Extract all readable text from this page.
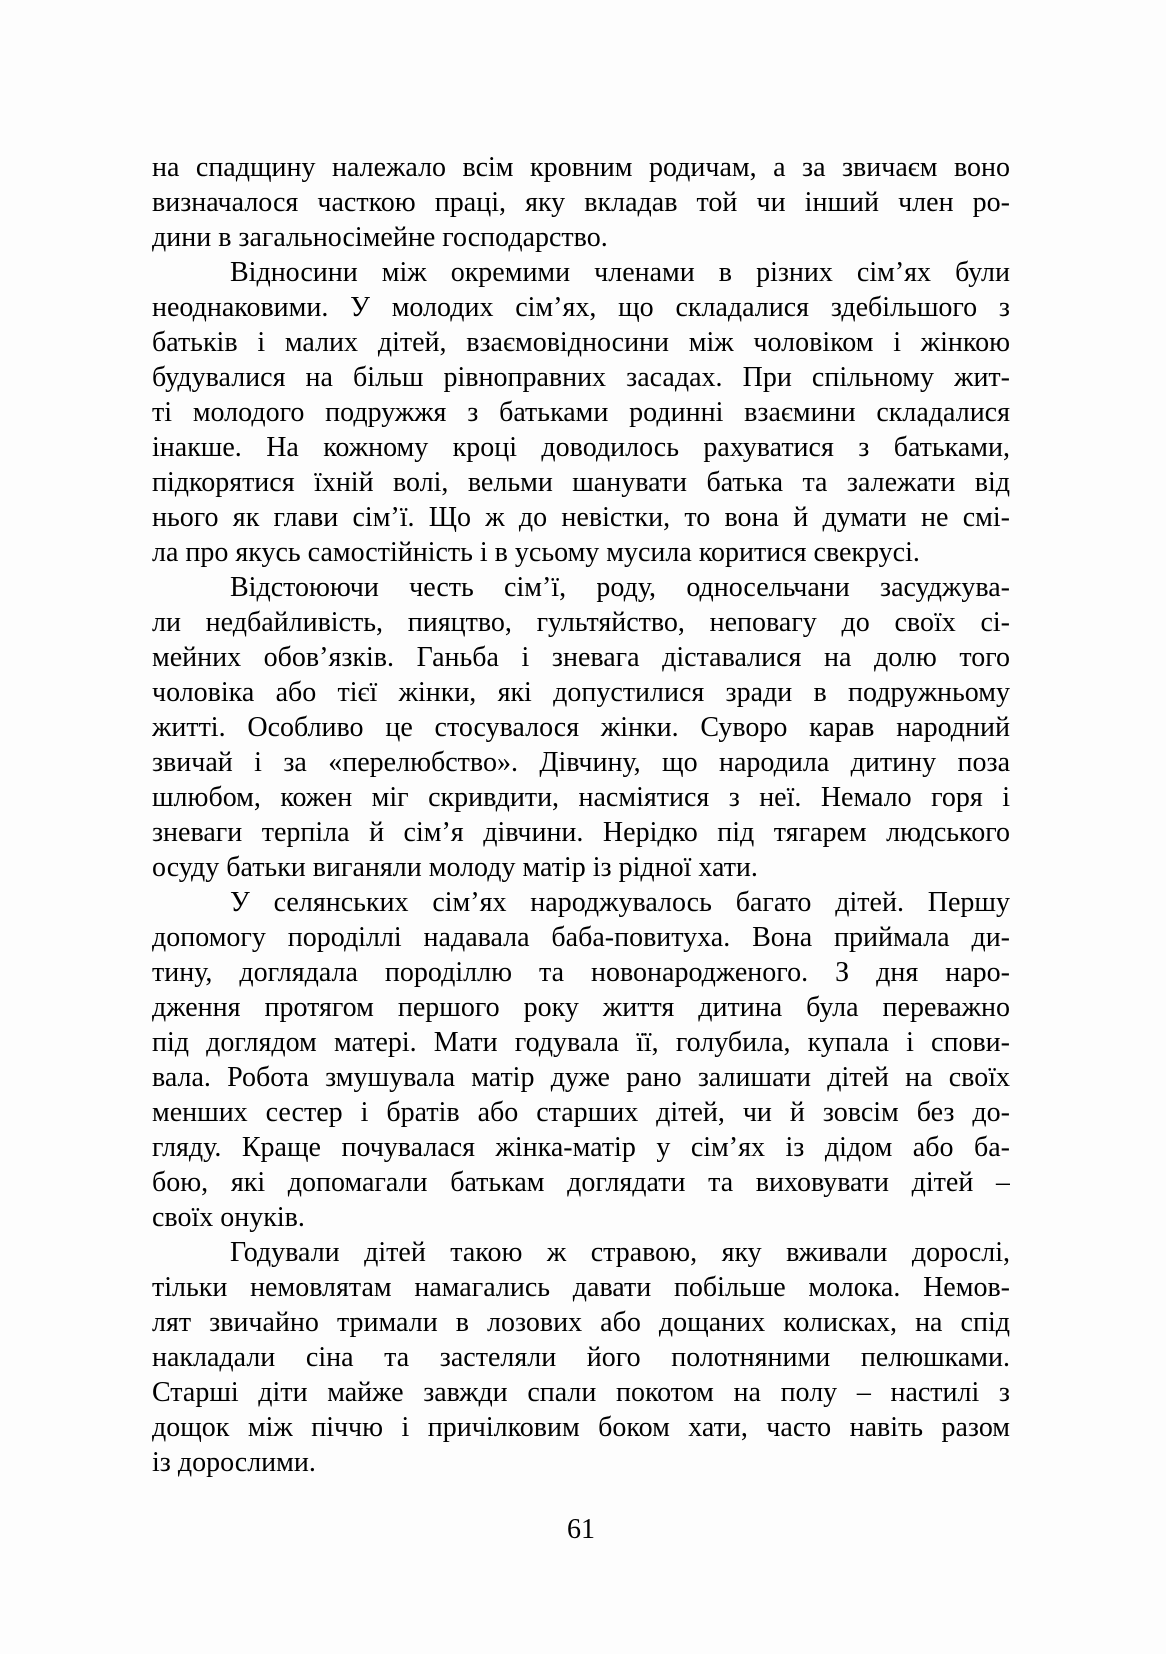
на спадщину належало всім кровним родичам, а за звичаєм воно
визначалося часткою праці, яку вкладав той чи інший член ро-
дини в загальносімейне господарство.
Відносини між окремими членами в різних сім’ях були
неоднаковими. У молодих сім’ях, що складалися здебільшого з
батьків і малих дітей, взаємовідносини між чоловіком і жінкою
будувалися на більш рівноправних засадах. При спільному жит-
ті молодого подружжя з батьками родинні взаємини складалися
інакше. На кожному кроці доводилось рахуватися з батьками,
підкорятися їхній волі, вельми шанувати батька та залежати від
нього як глави сім’ї. Що ж до невістки, то вона й думати не смі-
ла про якусь самостійність і в усьому мусила коритися свекрусі.
Відстоюючи честь сім’ї, роду, односельчани засуджува-
ли недбайливість, пияцтво, гультяйство, неповагу до своїх сі-
мейних обов’язків. Ганьба і зневага діставалися на долю того
чоловіка або тієї жінки, які допустилися зради в подружньому
житті. Особливо це стосувалося жінки. Суворо карав народний
звичай і за «перелюбство». Дівчину, що народила дитину поза
шлюбом, кожен міг скривдити, насміятися з неї. Немало горя і
зневаги терпіла й сім’я дівчини. Нерідко під тягарем людського
осуду батьки виганяли молоду матір із рідної хати.
У селянських сім’ях народжувалось багато дітей. Першу
допомогу породіллі надавала баба-повитуха. Вона приймала ди-
тину, доглядала породіллю та новонародженого. З дня наро-
дження протягом першого року життя дитина була переважно
під доглядом матері. Мати годувала її, голубила, купала і спови-
вала. Робота змушувала матір дуже рано залишати дітей на своїх
менших сестер і братів або старших дітей, чи й зовсім без до-
гляду. Краще почувалася жінка-матір у сім’ях із дідом або ба-
бою, які допомагали батькам доглядати та виховувати дітей –
своїх онуків.
Годували дітей такою ж стравою, яку вживали дорослі,
тільки немовлятам намагались давати побільше молока. Немов-
лят звичайно тримали в лозових або дощаних колисках, на спід
накладали сіна та застеляли його полотняними пелюшками.
Старші діти майже завжди спали покотом на полу – настилі з
дощок між піччю і причілковим боком хати, часто навіть разом
із дорослими.
61
